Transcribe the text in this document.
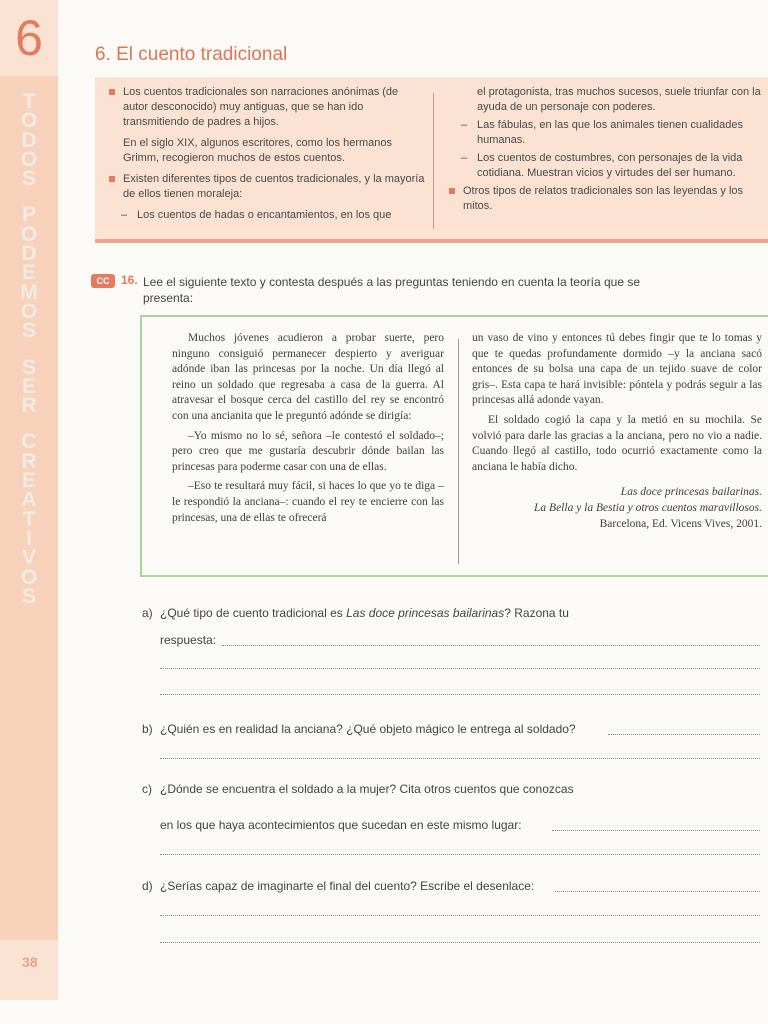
6
T
O
D
O
S
P
O
D
E
M
O
S
S
E
R
C
R
E
A
T
I
V
O
S
38
6. El cuento tradicional
Los cuentos tradicionales son narraciones anónimas (de autor desconocido) muy antiguas, que se han ido transmitiendo de padres a hijos.
En el siglo XIX, algunos escritores, como los hermanos Grimm, recogieron muchos de estos cuentos.
Existen diferentes tipos de cuentos tradicionales, y la mayoría de ellos tienen moraleja:
– Los cuentos de hadas o encantamientos, en los que
el protagonista, tras muchos sucesos, suele triunfar con la ayuda de un personaje con poderes.
– Las fábulas, en las que los animales tienen cualidades humanas.
– Los cuentos de costumbres, con personajes de la vida cotidiana. Muestran vicios y virtudes del ser humano.
Otros tipos de relatos tradicionales son las leyendas y los mitos.
CC 16. Lee el siguiente texto y contesta después a las preguntas teniendo en cuenta la teoría que se presenta:

Muchos jóvenes acudieron a probar suerte, pero ninguno consiguió permanecer despierto y averiguar adónde iban las princesas por la noche. Un día llegó al reino un soldado que regresaba a casa de la guerra. Al atravesar el bosque cerca del castillo del rey se encontró con una ancianita que le preguntó adónde se dirigía:

–Yo mismo no lo sé, señora –le contestó el soldado–; pero creo que me gustaría descubrir dónde bailan las princesas para poderme casar con una de ellas.

–Eso te resultará muy fácil, si haces lo que yo te diga –le respondió la anciana–: cuando el rey te encierre con las princesas, una de ellas te ofrecerá

un vaso de vino y entonces tú debes fingir que te lo tomas y que te quedas profundamente dormido –y la anciana sacó entonces de su bolsa una capa de un tejido suave de color gris–. Esta capa te hará invisible: póntela y podrás seguir a las princesas allá adonde vayan.

El soldado cogió la capa y la metió en su mochila. Se volvió para darle las gracias a la anciana, pero no vio a nadie. Cuando llegó al castillo, todo ocurrió exactamente como la anciana le había dicho.

Las doce princesas bailarinas.

La Bella y la Bestia y otros cuentos maravillosos.

Barcelona, Ed. Vicens Vives, 2001.

a) ¿Qué tipo de cuento tradicional es Las doce princesas bailarinas? Razona tu
respuesta:
b) ¿Quién es en realidad la anciana? ¿Qué objeto mágico le entrega al soldado?
c) ¿Dónde se encuentra el soldado a la mujer? Cita otros cuentos que conozcas
en los que haya acontecimientos que sucedan en este mismo lugar:
d) ¿Serías capaz de imaginarte el final del cuento? Escribe el desenlace:
